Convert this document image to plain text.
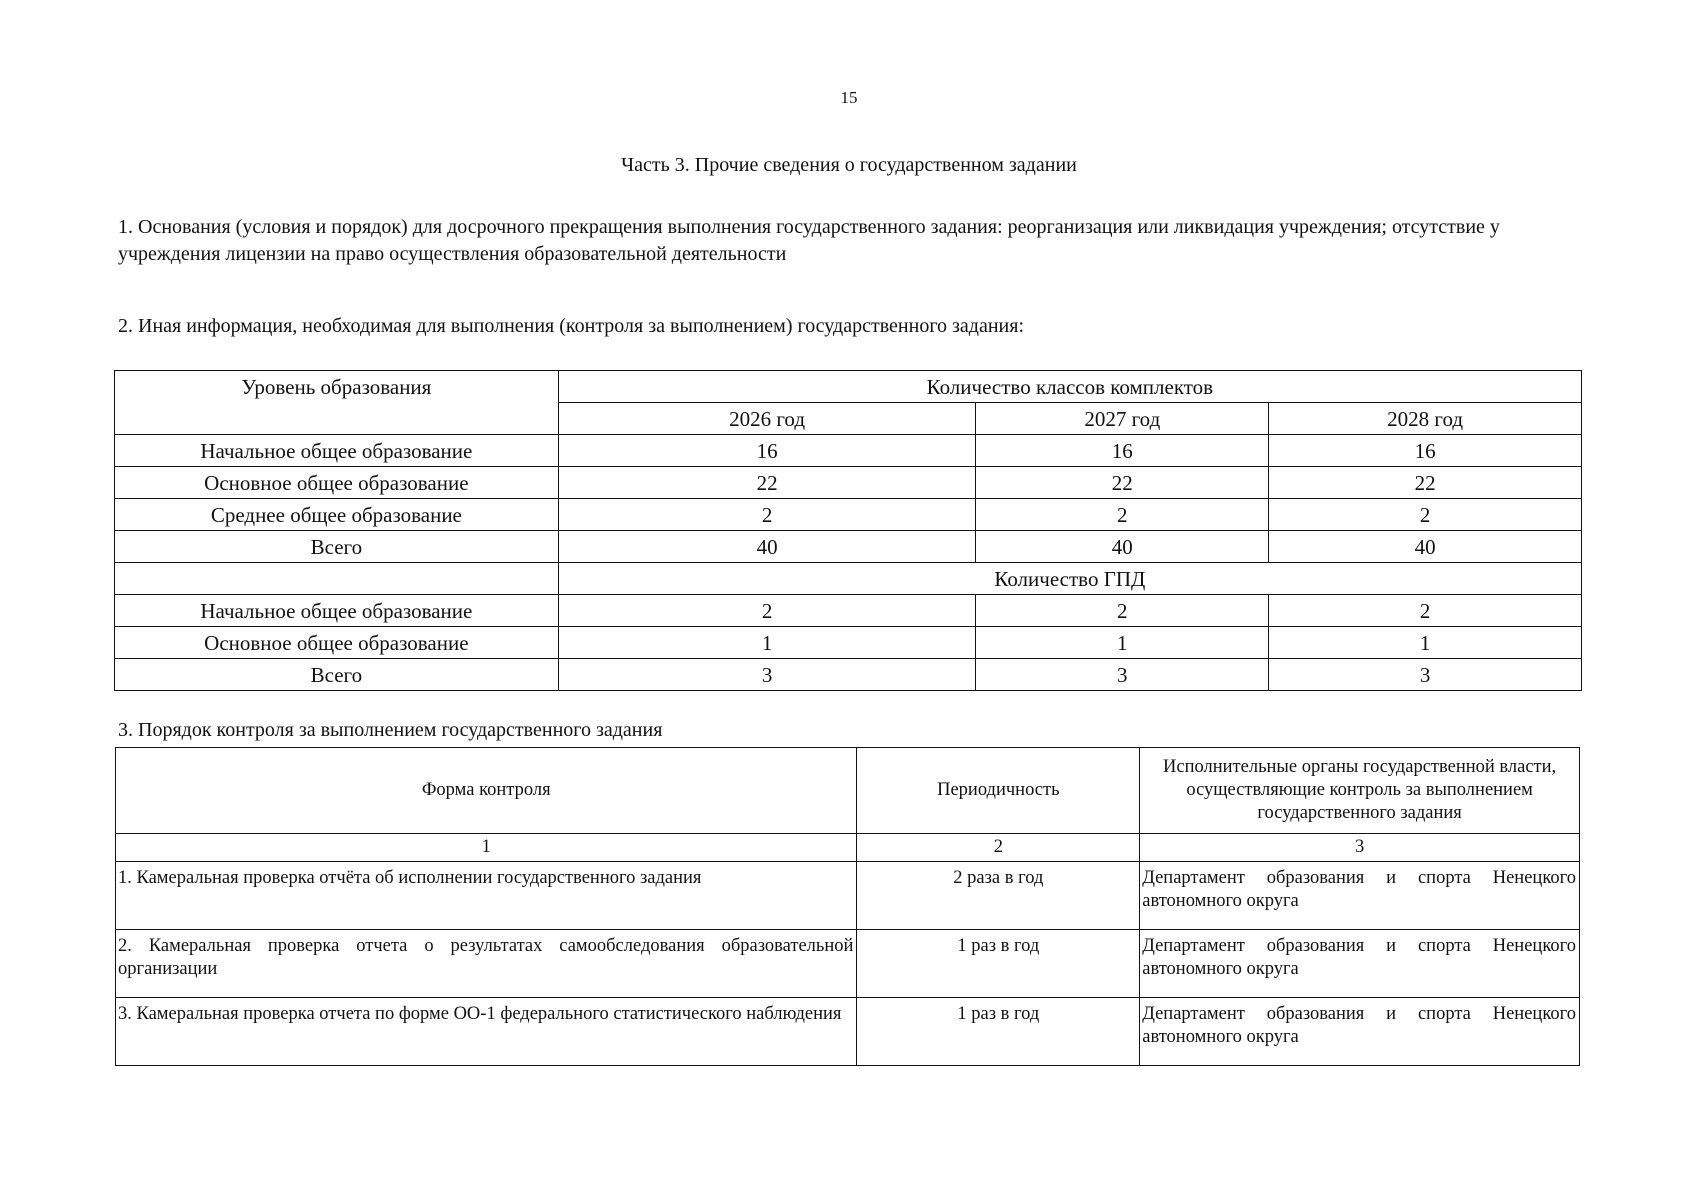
15
Часть 3. Прочие сведения о государственном задании
1. Основания (условия и порядок) для досрочного прекращения выполнения государственного задания: реорганизация или ликвидация учреждения; отсутствие у учреждения лицензии на право осуществления образовательной деятельности
2. Иная информация, необходимая для выполнения (контроля за выполнением) государственного задания:
Уровень образования	Количество классов комплектов		
	2026 год	2027 год	2028 год
Начальное общее образование	16	16	16
Основное общее образование	22	22	22
Среднее общее образование	2	2	2
Всего	40	40	40
	Количество ГПД		
Начальное общее образование	2	2	2
Основное общее образование	1	1	1
Всего	3	3	3
3. Порядок контроля за выполнением государственного задания
Форма контроля	Периодичность	Исполнительные органы государственной власти, осуществляющие контроль за выполнением государственного задания
1	2	3
1. Камеральная проверка отчёта об исполнении государственного задания	2 раза в год	Департамент образования и спорта Ненецкого автономного округа
2. Камеральная проверка отчета о результатах самообследования образовательной организации	1 раз в год	Департамент образования и спорта Ненецкого автономного округа
3. Камеральная проверка отчета по форме ОО-1 федерального статистического наблюдения	1 раз в год	Департамент образования и спорта Ненецкого автономного округа
